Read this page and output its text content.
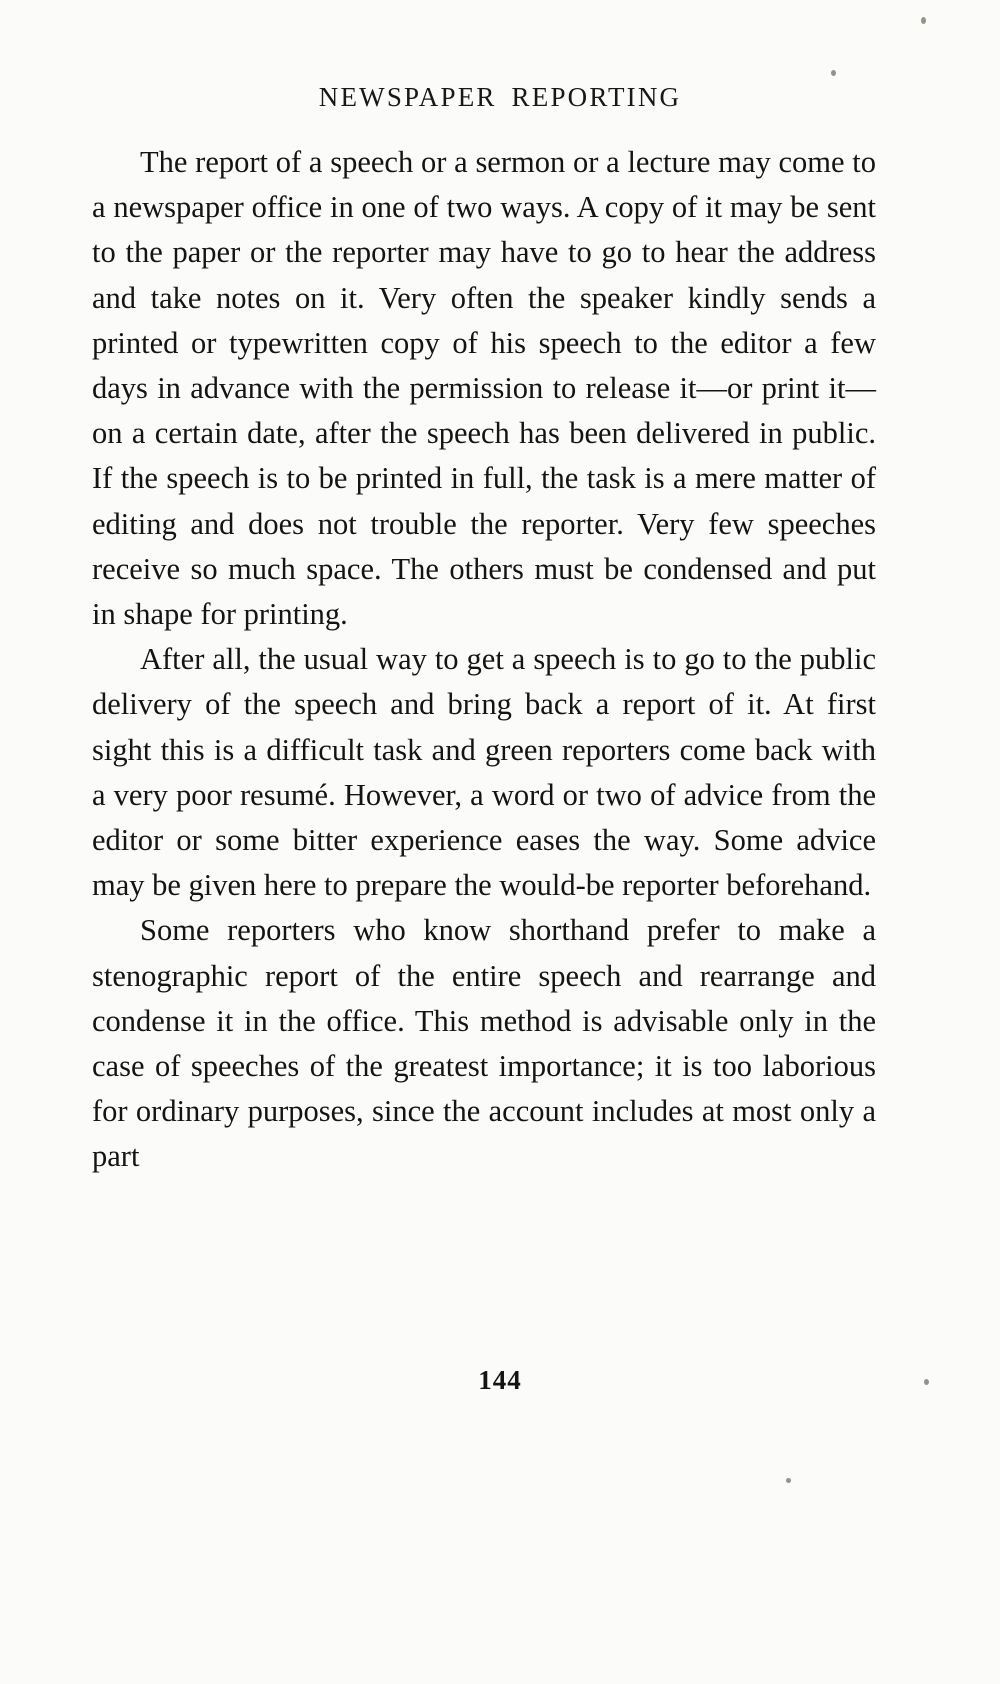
NEWSPAPER REPORTING

The report of a speech or a sermon or a lecture may come to a newspaper office in one of two ways. A copy of it may be sent to the paper or the reporter may have to go to hear the address and take notes on it. Very often the speaker kindly sends a printed or typewritten copy of his speech to the editor a few days in advance with the permission to release it—or print it—on a certain date, after the speech has been delivered in public. If the speech is to be printed in full, the task is a mere matter of editing and does not trouble the reporter. Very few speeches receive so much space. The others must be condensed and put in shape for printing.

After all, the usual way to get a speech is to go to the public delivery of the speech and bring back a report of it. At first sight this is a difficult task and green reporters come back with a very poor resumé. However, a word or two of advice from the editor or some bitter experience eases the way. Some advice may be given here to prepare the would-be reporter beforehand.

Some reporters who know shorthand prefer to make a stenographic report of the entire speech and rearrange and condense it in the office. This method is advisable only in the case of speeches of the greatest importance; it is too laborious for ordinary purposes, since the account includes at most only a part

144
